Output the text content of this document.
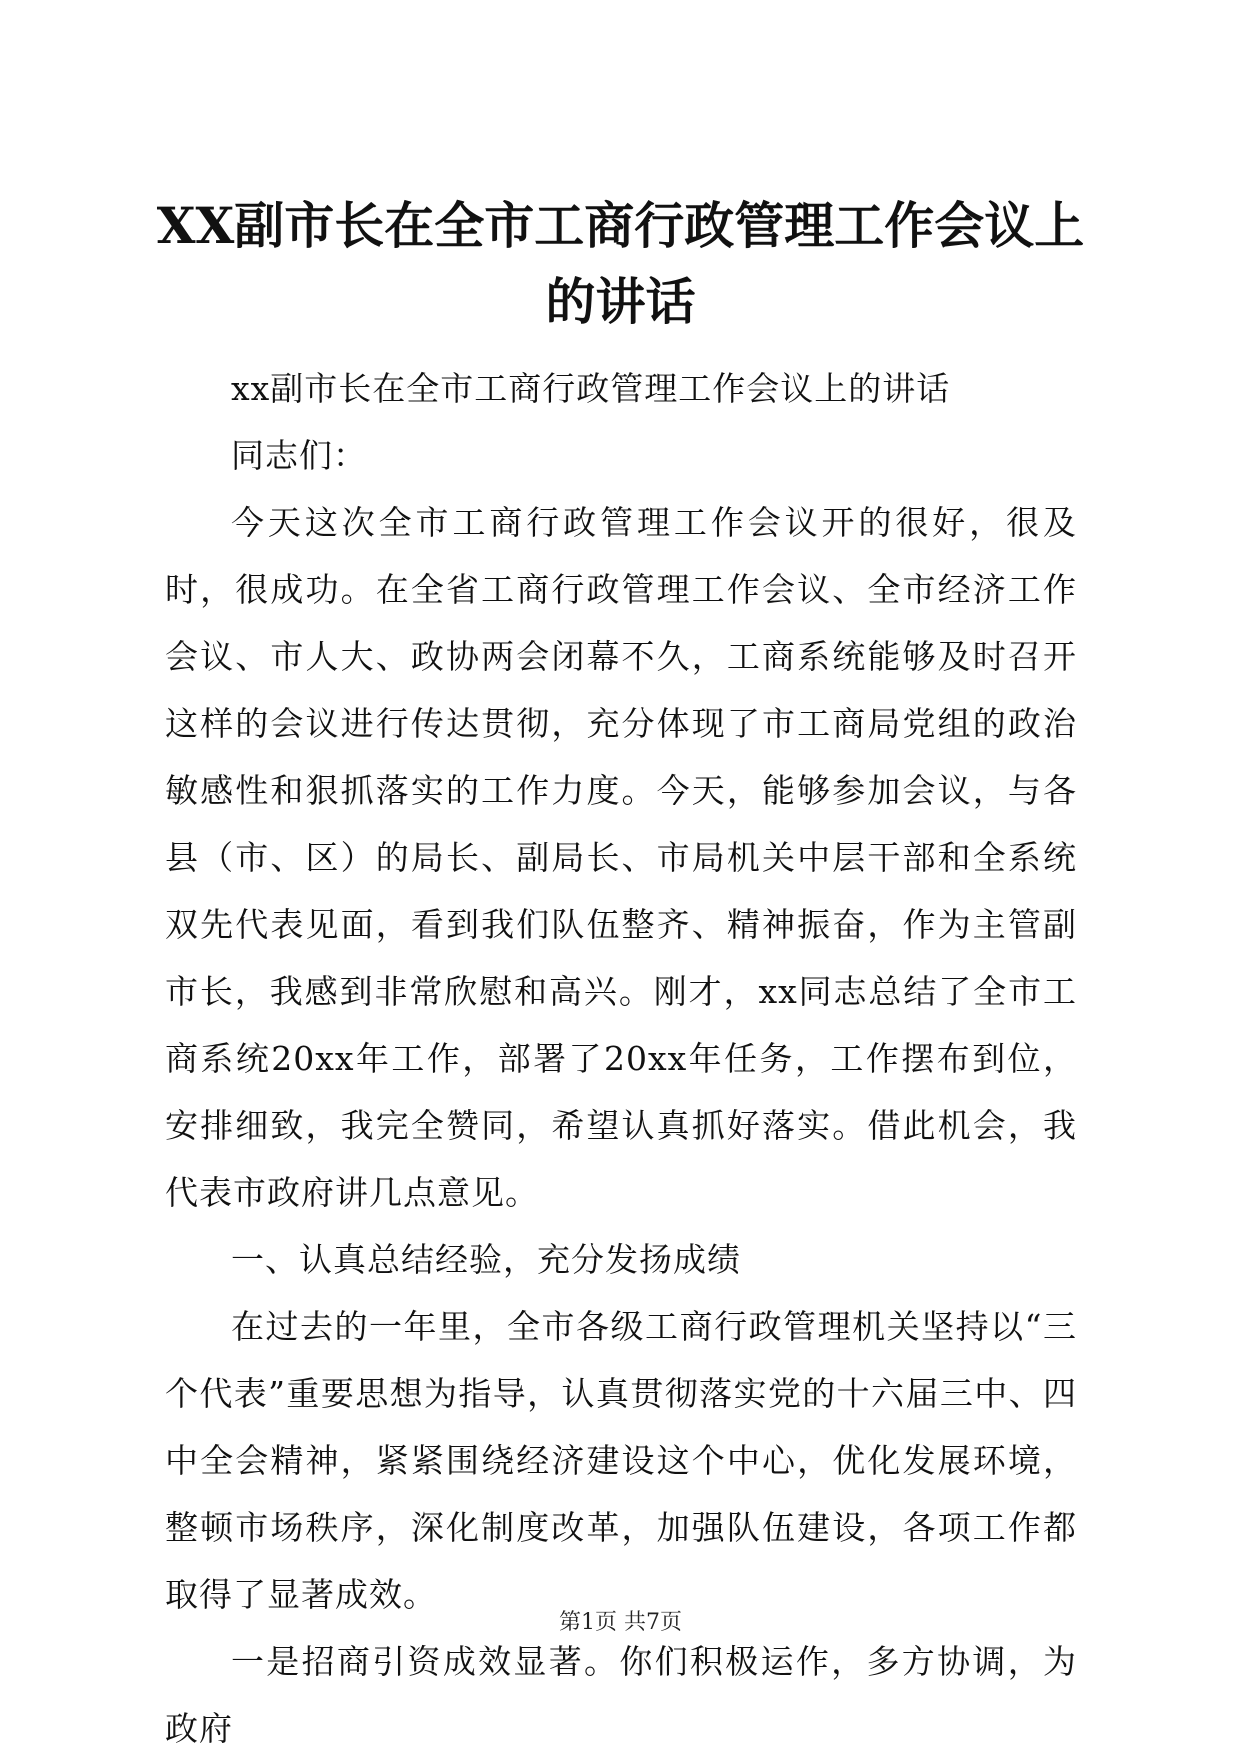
XX副市长在全市工商行政管理工作会议上的讲话

xx副市长在全市工商行政管理工作会议上的讲话

同志们：

今天这次全市工商行政管理工作会议开的很好，很及时，很成功。在全省工商行政管理工作会议、全市经济工作会议、市人大、政协两会闭幕不久，工商系统能够及时召开这样的会议进行传达贯彻，充分体现了市工商局党组的政治敏感性和狠抓落实的工作力度。今天，能够参加会议，与各县（市、区）的局长、副局长、市局机关中层干部和全系统双先代表见面，看到我们队伍整齐、精神振奋，作为主管副市长，我感到非常欣慰和高兴。刚才，xx同志总结了全市工商系统20xx年工作，部署了20xx年任务，工作摆布到位，安排细致，我完全赞同，希望认真抓好落实。借此机会，我代表市政府讲几点意见。

一、认真总结经验，充分发扬成绩

在过去的一年里，全市各级工商行政管理机关坚持以“三个代表”重要思想为指导，认真贯彻落实党的十六届三中、四中全会精神，紧紧围绕经济建设这个中心，优化发展环境，整顿市场秩序，深化制度改革，加强队伍建设，各项工作都取得了显著成效。

一是招商引资成效显著。你们积极运作，多方协调，为政府

第1页 共7页
